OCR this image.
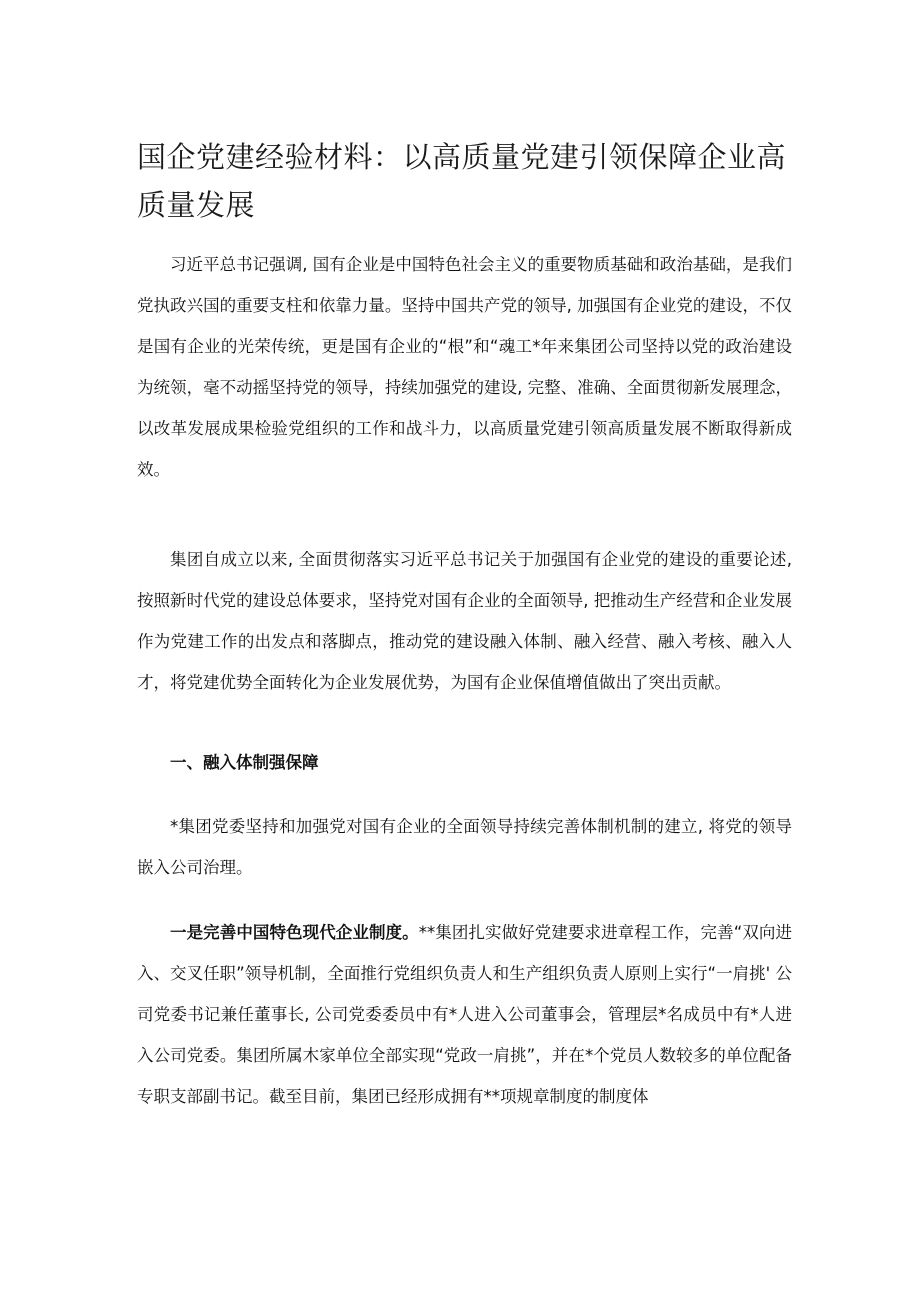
国企党建经验材料：以高质量党建引领保障企业高质量发展

习近平总书记强调, 国有企业是中国特色社会主义的重要物质基础和政治基础，是我们党执政兴国的重要支柱和依靠力量。坚持中国共产党的领导, 加强国有企业党的建设，不仅是国有企业的光荣传统，更是国有企业的“根”和“魂工*年来集团公司坚持以党的政治建设为统领，毫不动摇坚持党的领导，持续加强党的建设, 完整、准确、全面贯彻新发展理念，以改革发展成果检验党组织的工作和战斗力，以高质量党建引领高质量发展不断取得新成效。

集团自成立以来, 全面贯彻落实习近平总书记关于加强国有企业党的建设的重要论述, 按照新时代党的建设总体要求，坚持党对国有企业的全面领导, 把推动生产经营和企业发展作为党建工作的出发点和落脚点，推动党的建设融入体制、融入经营、融入考核、融入人才，将党建优势全面转化为企业发展优势，为国有企业保值增值做出了突出贡献。

一、融入体制强保障

*集团党委坚持和加强党对国有企业的全面领导持续完善体制机制的建立, 将党的领导嵌入公司治理。

一是完善中国特色现代企业制度。**集团扎实做好党建要求进章程工作，完善“双向进入、交叉任职”领导机制，全面推行党组织负责人和生产组织负责人原则上实行“一肩挑' 公司党委书记兼任董事长, 公司党委委员中有*人进入公司董事会，管理层*名成员中有*人进入公司党委。集团所属木家单位全部实现“党政一肩挑”，并在*个党员人数较多的单位配备专职支部副书记。截至目前，集团已经形成拥有**项规章制度的制度体
